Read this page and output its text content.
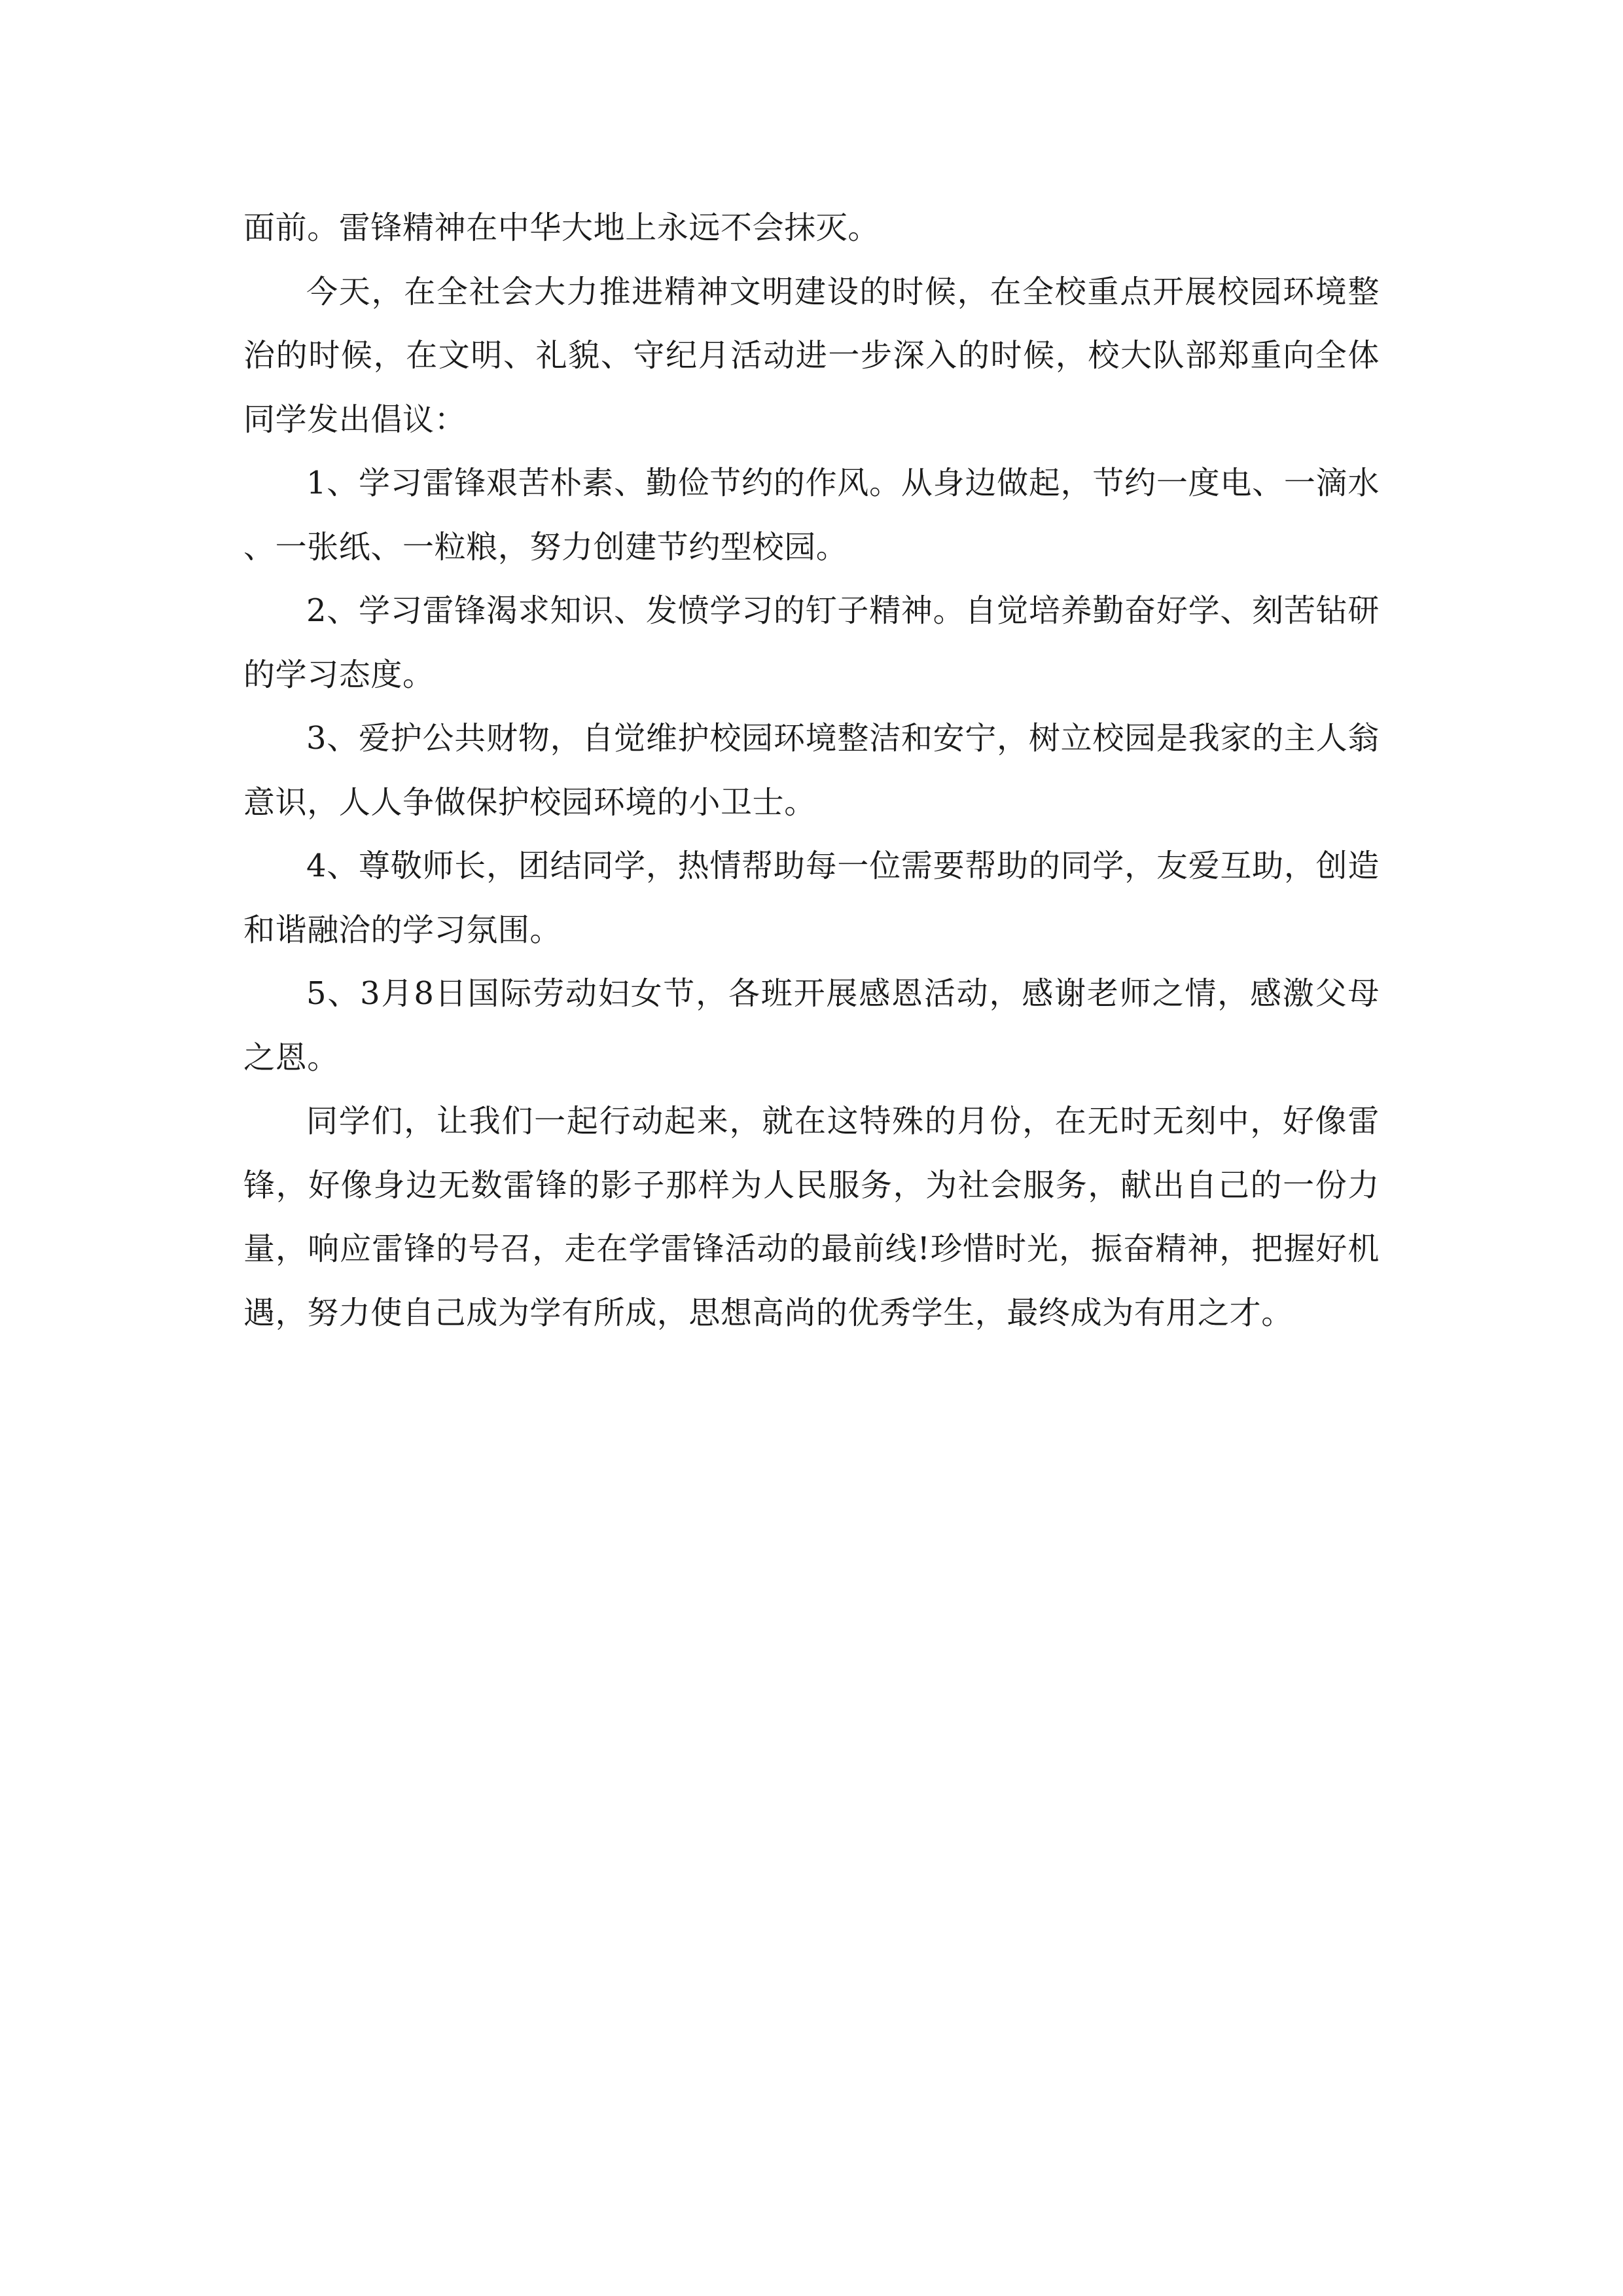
面前。雷锋精神在中华大地上永远不会抹灭。

今天，在全社会大力推进精神文明建设的时候，在全校重点开展校园环境整治的时候，在文明、礼貌、守纪月活动进一步深入的时候，校大队部郑重向全体同学发出倡议：

1、学习雷锋艰苦朴素、勤俭节约的作风。从身边做起，节约一度电、一滴水、一张纸、一粒粮，努力创建节约型校园。

2、学习雷锋渴求知识、发愤学习的钉子精神。自觉培养勤奋好学、刻苦钻研的学习态度。

3、爱护公共财物，自觉维护校园环境整洁和安宁，树立校园是我家的主人翁意识，人人争做保护校园环境的小卫士。

4、尊敬师长，团结同学，热情帮助每一位需要帮助的同学，友爱互助，创造和谐融洽的学习氛围。

5、3月8日国际劳动妇女节，各班开展感恩活动，感谢老师之情，感激父母之恩。

同学们，让我们一起行动起来，就在这特殊的月份，在无时无刻中，好像雷锋，好像身边无数雷锋的影子那样为人民服务，为社会服务，献出自己的一份力量，响应雷锋的号召，走在学雷锋活动的最前线!珍惜时光，振奋精神，把握好机遇，努力使自己成为学有所成，思想高尚的优秀学生，最终成为有用之才。
